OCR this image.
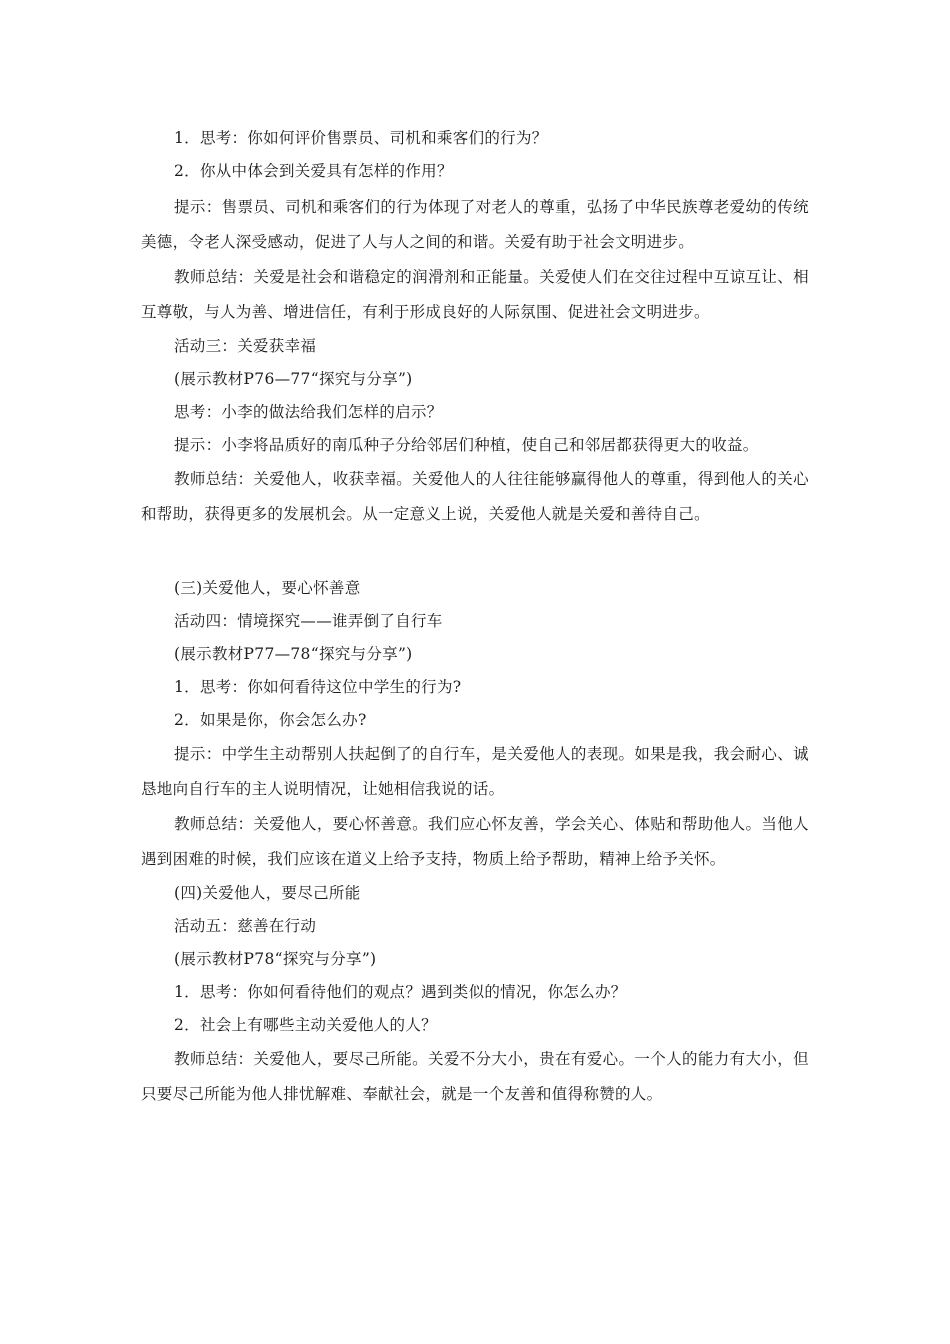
1．思考：你如何评价售票员、司机和乘客们的行为？

2．你从中体会到关爱具有怎样的作用？

提示：售票员、司机和乘客们的行为体现了对老人的尊重，弘扬了中华民族尊老爱幼的传统美德，令老人深受感动，促进了人与人之间的和谐。关爱有助于社会文明进步。

教师总结：关爱是社会和谐稳定的润滑剂和正能量。关爱使人们在交往过程中互谅互让、相互尊敬，与人为善、增进信任，有利于形成良好的人际氛围、促进社会文明进步。

活动三：关爱获幸福

(展示教材P76—77“探究与分享”)

思考：小李的做法给我们怎样的启示？

提示：小李将品质好的南瓜种子分给邻居们种植，使自己和邻居都获得更大的收益。

教师总结：关爱他人，收获幸福。关爱他人的人往往能够赢得他人的尊重，得到他人的关心和帮助，获得更多的发展机会。从一定意义上说，关爱他人就是关爱和善待自己。

(三)关爱他人，要心怀善意

活动四：情境探究——谁弄倒了自行车

(展示教材P77—78“探究与分享”)

1．思考：你如何看待这位中学生的行为?

2．如果是你，你会怎么办?

提示：中学生主动帮别人扶起倒了的自行车，是关爱他人的表现。如果是我，我会耐心、诚恳地向自行车的主人说明情况，让她相信我说的话。

教师总结：关爱他人，要心怀善意。我们应心怀友善，学会关心、体贴和帮助他人。当他人遇到困难的时候，我们应该在道义上给予支持，物质上给予帮助，精神上给予关怀。

(四)关爱他人，要尽己所能

活动五：慈善在行动

(展示教材P78“探究与分享”)

1．思考：你如何看待他们的观点？遇到类似的情况，你怎么办？

2．社会上有哪些主动关爱他人的人？

教师总结：关爱他人，要尽己所能。关爱不分大小，贵在有爱心。一个人的能力有大小，但只要尽己所能为他人排忧解难、奉献社会，就是一个友善和值得称赞的人。
